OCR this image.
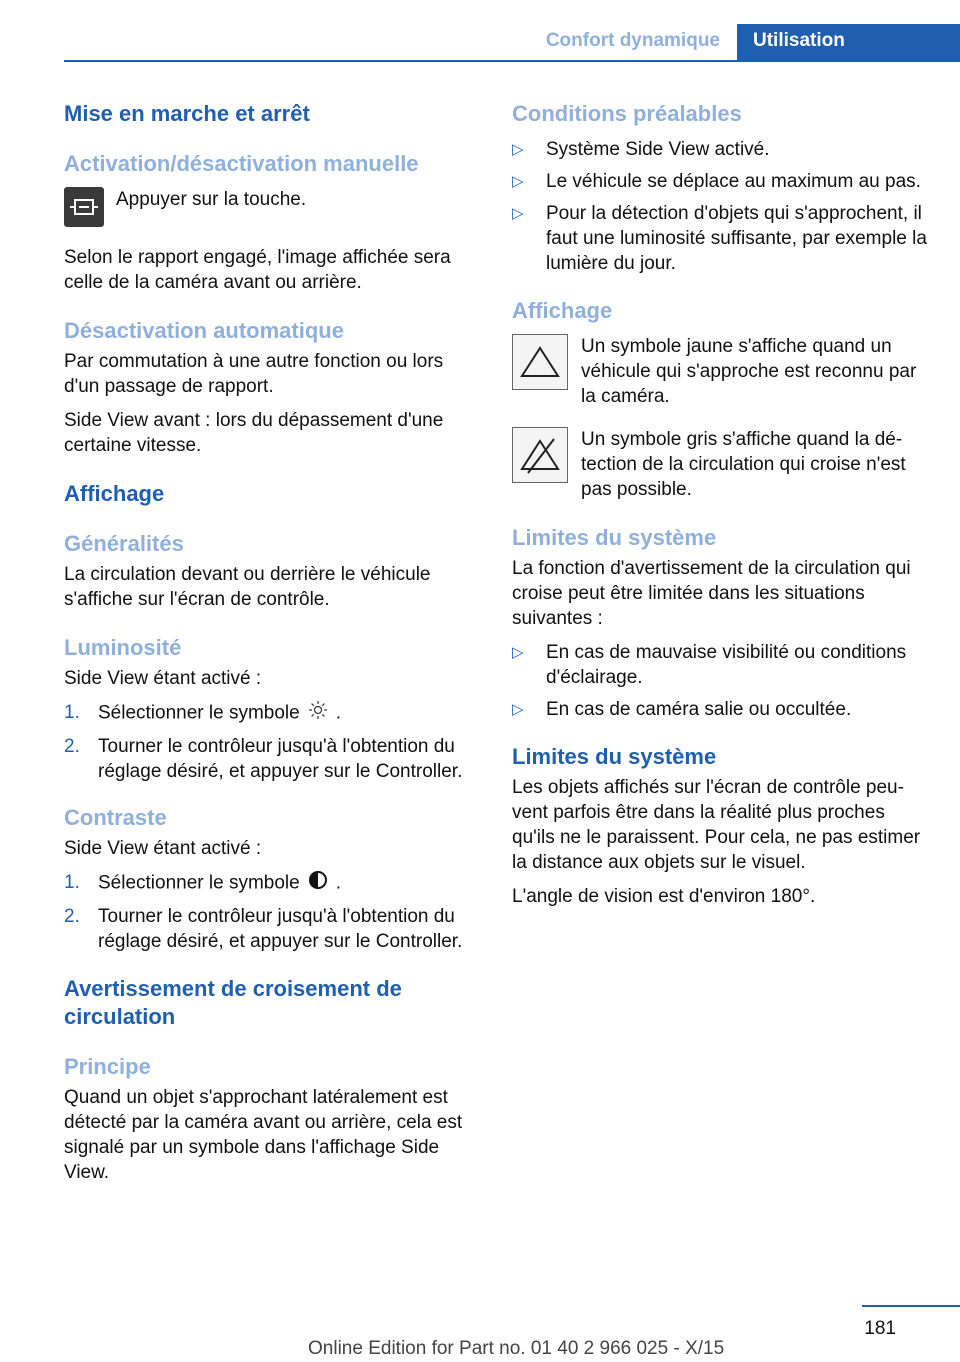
Confort dynamique	Utilisation
Mise en marche et arrêt
Activation/désactivation manuelle

Appuyer sur la touche.

Selon le rapport engagé, l'image affichée sera celle de la caméra avant ou arrière.

Désactivation automatique

Par commutation à une autre fonction ou lors d'un passage de rapport.

Side View avant : lors du dépassement d'une certaine vitesse.

Affichage
Généralités

La circulation devant ou derrière le véhicule s'affiche sur l'écran de contrôle.

Luminosité

Side View étant activé :

1. Sélectionner le symbole .
2. Tourner le contrôleur jusqu'à l'obtention du réglage désiré, et appuyer sur le Controller.
Contraste

Side View étant activé :

1. Sélectionner le symbole .
2. Tourner le contrôleur jusqu'à l'obtention du réglage désiré, et appuyer sur le Controller.
Avertissement de croisement de circulation
Principe

Quand un objet s'approchant latéralement est détecté par la caméra avant ou arrière, cela est signalé par un symbole dans l'affichage Side View.

Conditions préalables
▷ Système Side View activé.
▷ Le véhicule se déplace au maximum au pas.
▷ Pour la détection d'objets qui s'approchent, il faut une luminosité suffisante, par exemple la lumière du jour.
Affichage

Un symbole jaune s'affiche quand un véhicule qui s'approche est reconnu par la caméra.

Un symbole gris s'affiche quand la détection de la circulation qui croise n'est pas possible.

Limites du système

La fonction d'avertissement de la circulation qui croise peut être limitée dans les situations suivantes :

▷ En cas de mauvaise visibilité ou conditions d'éclairage.
▷ En cas de caméra salie ou occultée.
Limites du système

Les objets affichés sur l'écran de contrôle peuvent parfois être dans la réalité plus proches qu'ils ne le paraissent. Pour cela, ne pas estimer la distance aux objets sur le visuel.

L'angle de vision est d'environ 180°.

181
Online Edition for Part no. 01 40 2 966 025 - X/15
